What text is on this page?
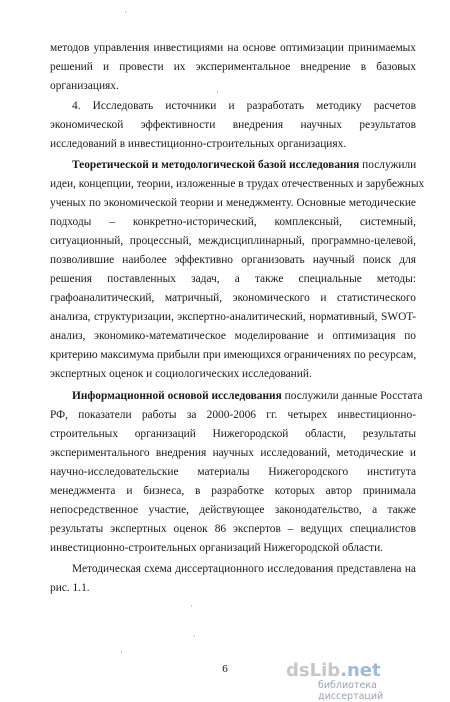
методов управления инвестициями на основе оптимизации принимаемых
решений и провести их экспериментальное внедрение в базовых
организациях.
4. Исследовать источники и разработать методику расчетов
экономической эффективности внедрения научных результатов
исследований в инвестиционно-строительных организациях.
Теоретической и методологической базой исследования послужили
идеи, концепции, теории, изложенные в трудах отечественных и зарубежных
ученых по экономической теории и менеджменту. Основные методические
подходы – конкретно-исторический, комплексный, системный,
ситуационный, процессный, междисциплинарный, программно-целевой,
позволившие наиболее эффективно организовать научный поиск для
решения поставленных задач, а также специальные методы:
графоаналитический, матричный, экономического и статистического
анализа, структуризации, экспертно-аналитический, нормативный, SWOT-
анализ, экономико-математическое моделирование и оптимизация по
критерию максимума прибыли при имеющихся ограничениях по ресурсам,
экспертных оценок и социологических исследований.
Информационной основой исследования послужили данные Росстата
РФ, показатели работы за 2000-2006 гг. четырех инвестиционно-
строительных организаций Нижегородской области, результаты
экспериментального внедрения научных исследований, методические и
научно-исследовательские материалы Нижегородского института
менеджмента и бизнеса, в разработке которых автор принимала
непосредственное участие, действующее законодательство, а также
результаты экспертных оценок 86 экспертов – ведущих специалистов
инвестиционно-строительных организаций Нижегородской области.
Методическая схема диссертационного исследования представлена на
рис. 1.1.
ˈ
·
ˈ
ˈ
·
6	dsLib.net
библиотека диссертаций
